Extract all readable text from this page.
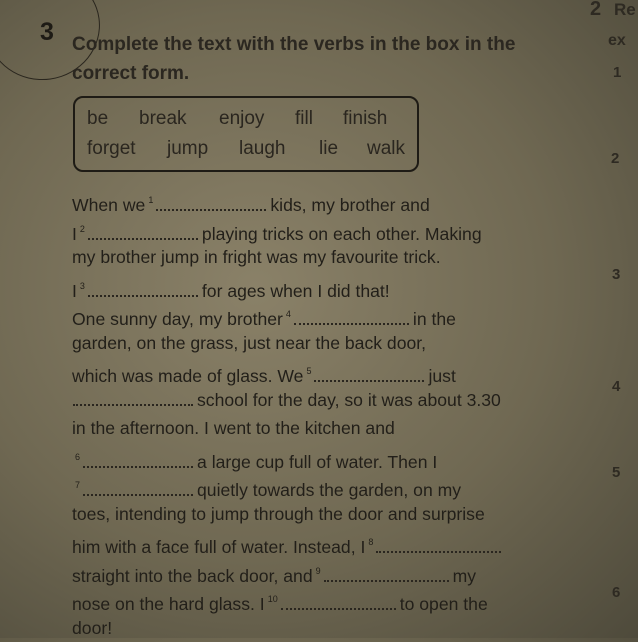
3 Complete the text with the verbs in the box in the
correct form.
be break enjoy fill finish
forget jump laugh lie walk
When we $^1$	kids, my brother and
I $^2$	playing tricks on each other. Making
my brother jump in fright was my favourite trick.
I $^3$	for ages when I did that!
One sunny day, my brother $^4$	in the
garden, on the grass, just near the back door,
which was made of glass. We $^5$	just
school for the day, so it was about 3.30
in the afternoon. I went to the kitchen and
$^6$	a large cup full of water. Then I
$^7$	quietly towards the garden, on my
toes, intending to jump through the door and surprise
him with a face full of water. Instead, I $^8$
straight into the back door, and $^9$	my
nose on the hard glass. I $^{10}$	to open the
door!
2 Re
ex
1
2
3
4
5
6
